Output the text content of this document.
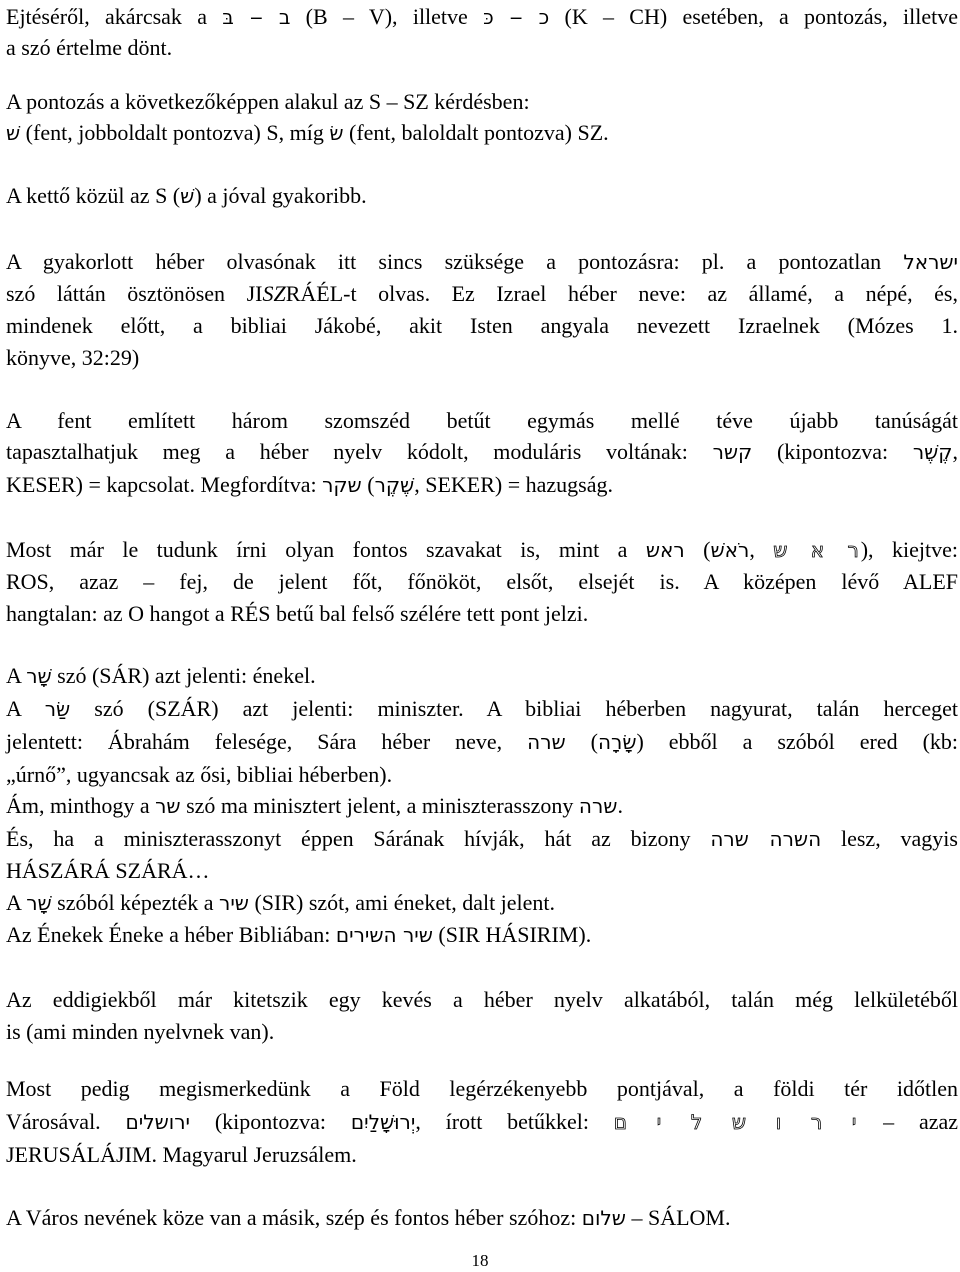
Ejtéséről, akárcsak a ב ‒ בּ (B ‒ V), illetve כ ‒ כּ (K ‒ CH) esetében, a pontozás, illetve

a szó értelme dönt.

A pontozás a következőképpen alakul az S ‒ SZ kérdésben:

שׁ (fent, jobboldalt pontozva) S, míg שׂ (fent, baloldalt pontozva) SZ.

A kettő közül az S (שׁ) a jóval gyakoribb.

A gyakorlott héber olvasónak itt sincs szüksége a pontozásra: pl. a pontozatlan ישראל

szó láttán ösztönösen JISZRÁÉL-t olvas. Ez Izrael héber neve: az államé, a népé, és,

mindenek előtt, a bibliai Jákobé, akit Isten angyala nevezett Izraelnek (Mózes 1.

könyve, 32:29)

A fent említett három szomszéd betűt egymás mellé téve újabb tanúságát

tapasztalhatjuk meg a héber nyelv kódolt, moduláris voltának: קשר (kipontozva: קֶשֶׁר,

KESER) = kapcsolat. Megfordítva: שקר (שֶׁקֶר, SEKER) = hazugság.

Most már le tudunk írni olyan fontos szavakat is, mint a ראש (רֹאשׁ, ר א ש), kiejtve:

ROS, azaz ‒ fej, de jelent főt, főnököt, elsőt, elsejét is. A középen lévő ALEF

hangtalan: az O hangot a RÉS betű bal felső szélére tett pont jelzi.

A שָׁר szó (SÁR) azt jelenti: énekel.

A שַׂר szó (SZÁR) azt jelenti: miniszter. A bibliai héberben nagyurat, talán herceget

jelentett: Ábrahám felesége, Sára héber neve, שרה (שָׂרָה) ebből a szóból ered (kb:

„úrnő”, ugyancsak az ősi, bibliai héberben).

Ám, minthogy a שר szó ma minisztert jelent, a miniszterasszony שרה.

És, ha a miniszterasszonyt éppen Sárának hívják, hát az bizony השרה שרה lesz, vagyis

HÁSZÁRÁ SZÁRÁ…

A שָׁר szóból képezték a שיר (SIR) szót, ami éneket, dalt jelent.

Az Énekek Éneke a héber Bibliában: שיר השירים (SIR HÁSIRIM).

Az eddigiekből már kitetszik egy kevés a héber nyelv alkatából, talán még lelkületéből

is (ami minden nyelvnek van).

Most pedig megismerkedünk a Föld legérzékenyebb pontjával, a földi tér időtlen

Városával. ירושלים (kipontozva: יְרוּשָׁלַיִם, írott betűkkel: י ר ו ש ל י ם ‒ azaz

JERUSÁLÁJIM. Magyarul Jeruzsálem.

A Város nevének köze van a másik, szép és fontos héber szóhoz: שלום ‒ SÁLOM.

18
